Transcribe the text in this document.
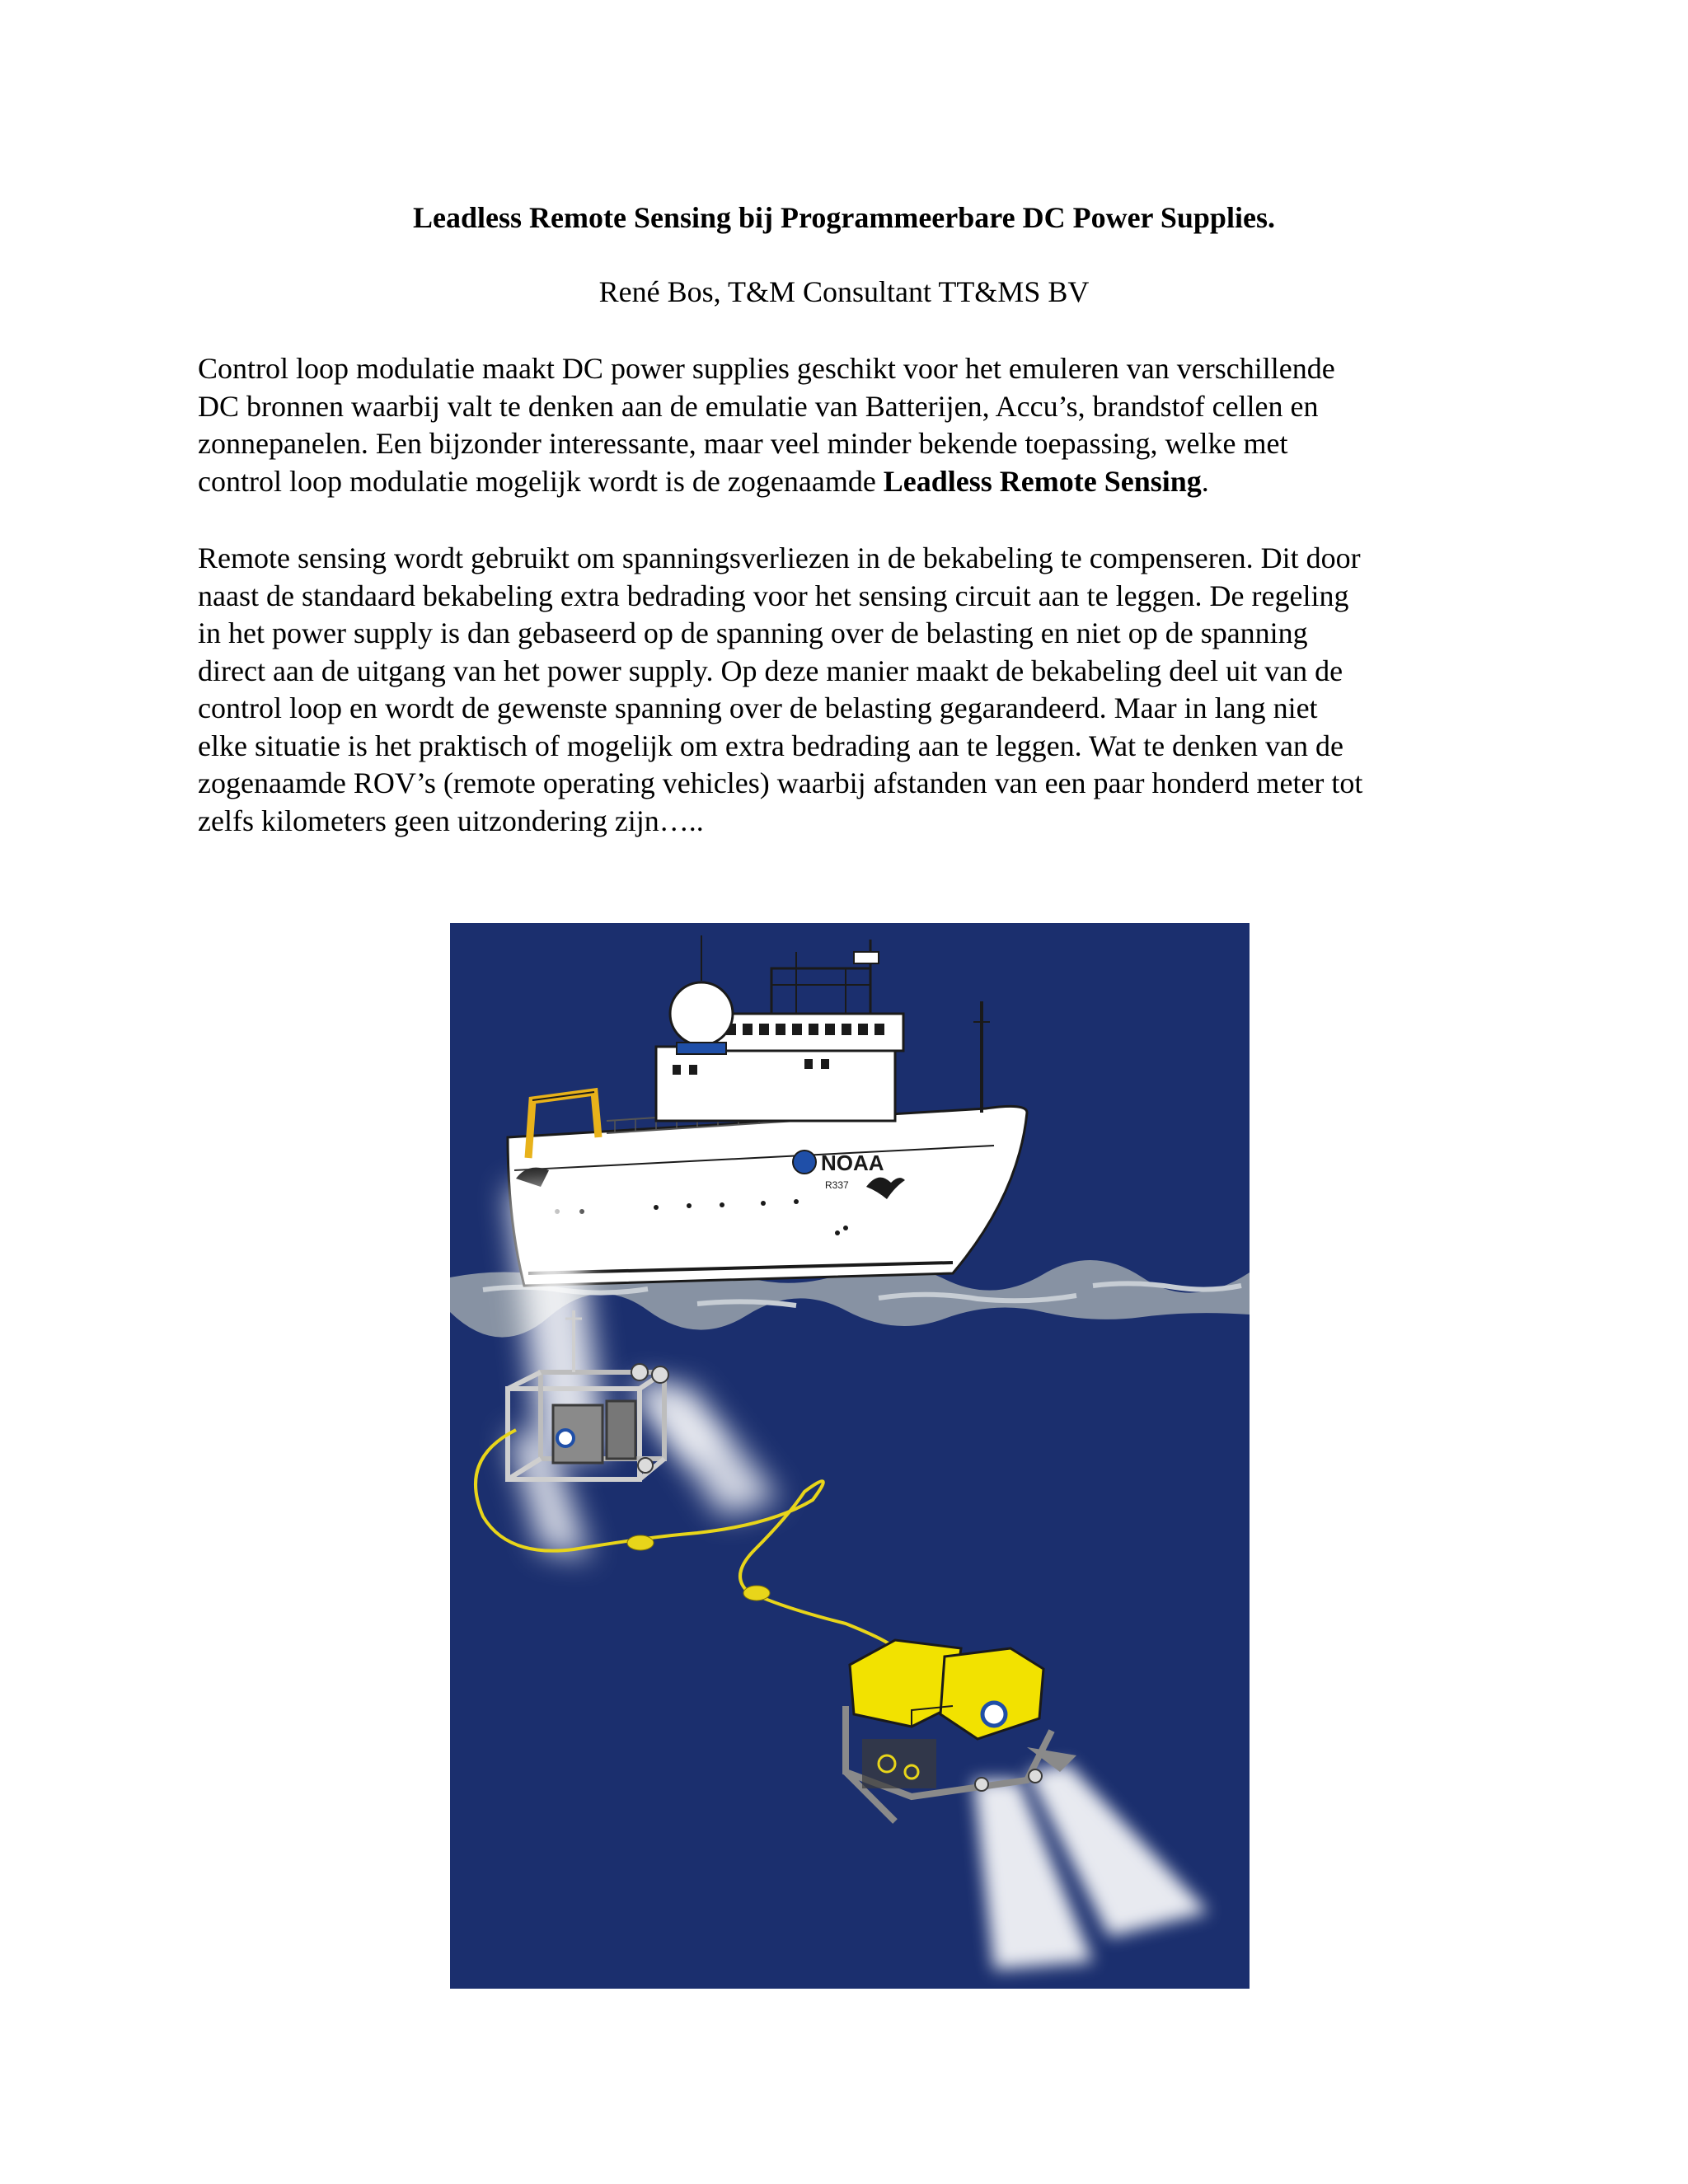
Leadless Remote Sensing bij Programmeerbare DC Power Supplies.
René Bos, T&M Consultant TT&MS BV

Control loop modulatie maakt DC power supplies geschikt voor het emuleren van verschillende
DC bronnen waarbij valt te denken aan de emulatie van Batterijen, Accu’s, brandstof cellen en
zonnepanelen. Een bijzonder interessante, maar veel minder bekende toepassing, welke met
control loop modulatie mogelijk wordt is de zogenaamde Leadless Remote Sensing.

Remote sensing wordt gebruikt om spanningsverliezen in de bekabeling te compenseren. Dit door
naast de standaard bekabeling extra bedrading voor het sensing circuit aan te leggen. De regeling
in het power supply is dan gebaseerd op de spanning over de belasting en niet op de spanning
direct aan de uitgang van het power supply. Op deze manier maakt de bekabeling deel uit van de
control loop en wordt de gewenste spanning over de belasting gegarandeerd. Maar in lang niet
elke situatie is het praktisch of mogelijk om extra bedrading aan te leggen. Wat te denken van de
zogenaamde ROV’s (remote operating vehicles) waarbij afstanden van een paar honderd meter tot
zelfs kilometers geen uitzondering zijn…..

NOAA
R337
